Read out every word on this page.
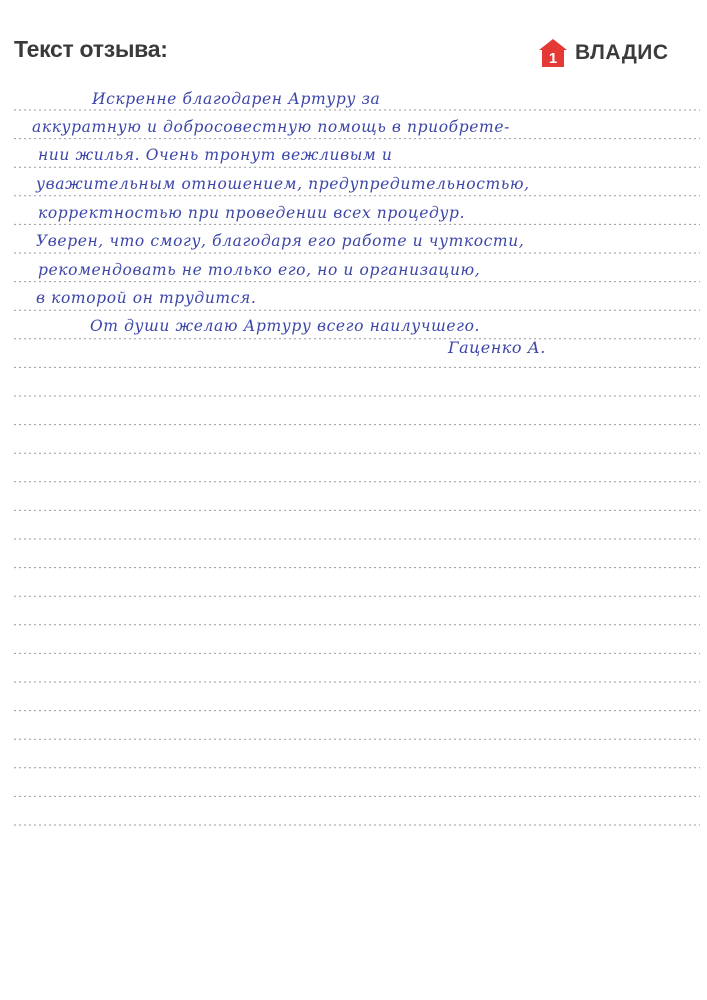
Текст отзыва:	1 ВЛАДИС
Искренне благодарен Артуру за
аккуратную и добросовестную помощь в приобрете-
нии жилья. Очень тронут вежливым и
уважительным отношением, предупредительностью,
корректностью при проведении всех процедур.
Уверен, что смогу, благодаря его работе и чуткости,
рекомендовать не только его, но и организацию,
в которой он трудится.
От души желаю Артуру всего наилучшего.
Гаценко А.
